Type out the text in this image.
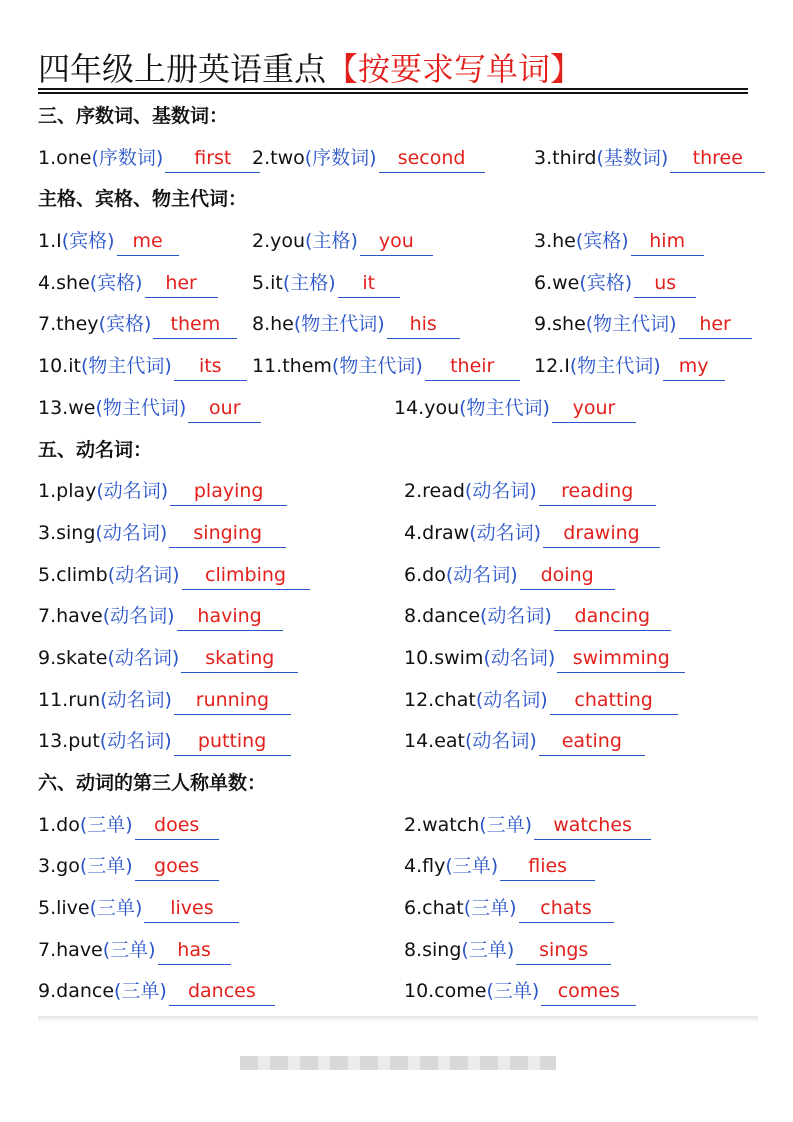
四年级上册英语重点【按要求写单词】
三、序数词、基数词：
1.one(序数词) first	2.two(序数词) second	3.third(基数词) three
主格、宾格、物主代词：
1.I(宾格) me	2.you(主格) you	3.he(宾格) him
4.she(宾格) her	5.it(主格) it	6.we(宾格) us
7.they(宾格) them	8.he(物主代词) his	9.she(物主代词) her
10.it(物主代词) its	11.them(物主代词) their	12.I(物主代词) my
13.we(物主代词) our	14.you(物主代词) your
五、动名词：
1.play(动名词) playing	2.read(动名词) reading
3.sing(动名词) singing	4.draw(动名词) drawing
5.climb(动名词) climbing	6.do(动名词) doing
7.have(动名词) having	8.dance(动名词) dancing
9.skate(动名词) skating	10.swim(动名词) swimming
11.run(动名词) running	12.chat(动名词) chatting
13.put(动名词) putting	14.eat(动名词) eating
六、动词的第三人称单数：
1.do(三单) does	2.watch(三单) watches
3.go(三单) goes	4.fly(三单) flies
5.live(三单) lives	6.chat(三单) chats
7.have(三单) has	8.sing(三单) sings
9.dance(三单) dances	10.come(三单) comes
